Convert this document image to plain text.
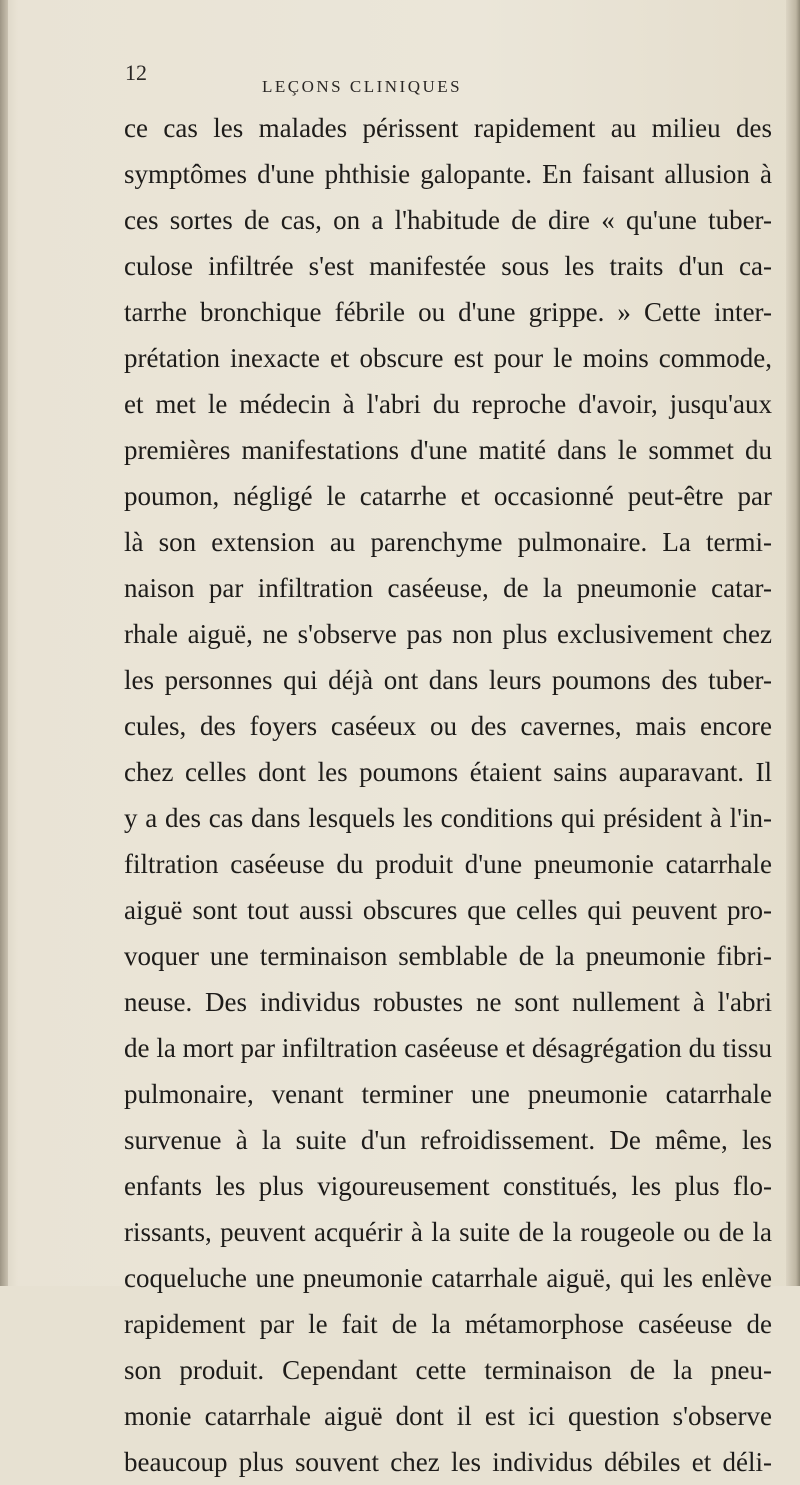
12
LEÇONS CLINIQUES
ce cas les malades périssent rapidement au milieu des
symptômes d'une phthisie galopante. En faisant allusion à
ces sortes de cas, on a l'habitude de dire « qu'une tuber-
culose infiltrée s'est manifestée sous les traits d'un ca-
tarrhe bronchique fébrile ou d'une grippe. » Cette inter-
prétation inexacte et obscure est pour le moins commode,
et met le médecin à l'abri du reproche d'avoir, jusqu'aux
premières manifestations d'une matité dans le sommet du
poumon, négligé le catarrhe et occasionné peut-être par
là son extension au parenchyme pulmonaire. La termi-
naison par infiltration caséeuse, de la pneumonie catar-
rhale aiguë, ne s'observe pas non plus exclusivement chez
les personnes qui déjà ont dans leurs poumons des tuber-
cules, des foyers caséeux ou des cavernes, mais encore
chez celles dont les poumons étaient sains auparavant. Il
y a des cas dans lesquels les conditions qui président à l'in-
filtration caséeuse du produit d'une pneumonie catarrhale
aiguë sont tout aussi obscures que celles qui peuvent pro-
voquer une terminaison semblable de la pneumonie fibri-
neuse. Des individus robustes ne sont nullement à l'abri
de la mort par infiltration caséeuse et désagrégation du tissu
pulmonaire, venant terminer une pneumonie catarrhale
survenue à la suite d'un refroidissement. De même, les
enfants les plus vigoureusement constitués, les plus flo-
rissants, peuvent acquérir à la suite de la rougeole ou de la
coqueluche une pneumonie catarrhale aiguë, qui les enlève
rapidement par le fait de la métamorphose caséeuse de
son produit. Cependant cette terminaison de la pneu-
monie catarrhale aiguë dont il est ici question s'observe
beaucoup plus souvent chez les individus débiles et déli-
